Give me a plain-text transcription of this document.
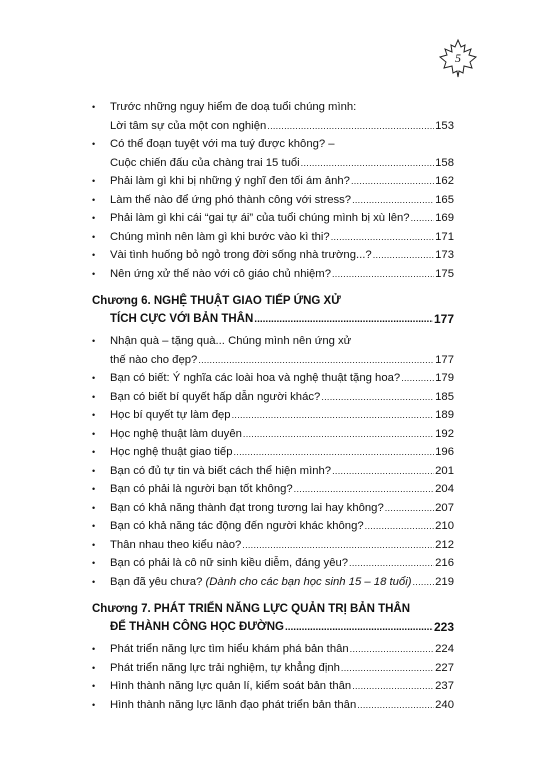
5
• Trước những nguy hiểm đe doạ tuổi chúng mình:
Lời tâm sự của một con nghiện .....	153
• Có thể đoạn tuyệt với ma tuý được không? –
Cuộc chiến đấu của chàng trai 15 tuổi .....	158
• Phải làm gì khi bị những ý nghĩ đen tối ám ảnh? .....	162
• Làm thế nào để ứng phó thành công với stress? .....	165
• Phải làm gì khi cái “gai tự ái” của tuổi chúng mình bị xù lên? ..... 169
• Chúng mình nên làm gì khi bước vào kì thi? .....	171
• Vài tình huống bỏ ngỏ trong đời sống nhà trường...? .....	173
• Nên ứng xử thế nào với cô giáo chủ nhiệm? .....	175
Chương 6. NGHỆ THUẬT GIAO TIẾP ỨNG XỬ
TÍCH CỰC VỚI BẢN THÂN .....	177
• Nhận quà – tặng quà... Chúng mình nên ứng xử
thế nào cho đẹp? .....	177
• Bạn có biết: Ý nghĩa các loài hoa và nghệ thuật tặng hoa? .....	179
• Bạn có biết bí quyết hấp dẫn người khác? .....	185
• Học bí quyết tự làm đẹp .....	189
• Học nghệ thuật làm duyên .....	192
• Học nghệ thuật giao tiếp .....	196
• Bạn có đủ tự tin và biết cách thể hiện mình? .....	201
• Bạn có phải là người bạn tốt không? .....	204
• Bạn có khả năng thành đạt trong tương lai hay không? .....	207
• Bạn có khả năng tác động đến người khác không? .....	210
• Thân nhau theo kiểu nào? .....	212
• Bạn có phải là cô nữ sinh kiều diễm, đáng yêu? .....	216
• Bạn đã yêu chưa? (Dành cho các bạn học sinh 15 – 18 tuổi) ..... 219
Chương 7. PHÁT TRIỂN NĂNG LỰC QUẢN TRỊ BẢN THÂN
ĐỂ THÀNH CÔNG HỌC ĐƯỜNG .....	223
• Phát triển năng lực tìm hiểu khám phá bản thân .....	224
• Phát triển năng lực trải nghiệm, tự khẳng định .....	227
• Hình thành năng lực quản lí, kiểm soát bản thân .....	237
• Hình thành năng lực lãnh đạo phát triển bản thân .....	240
